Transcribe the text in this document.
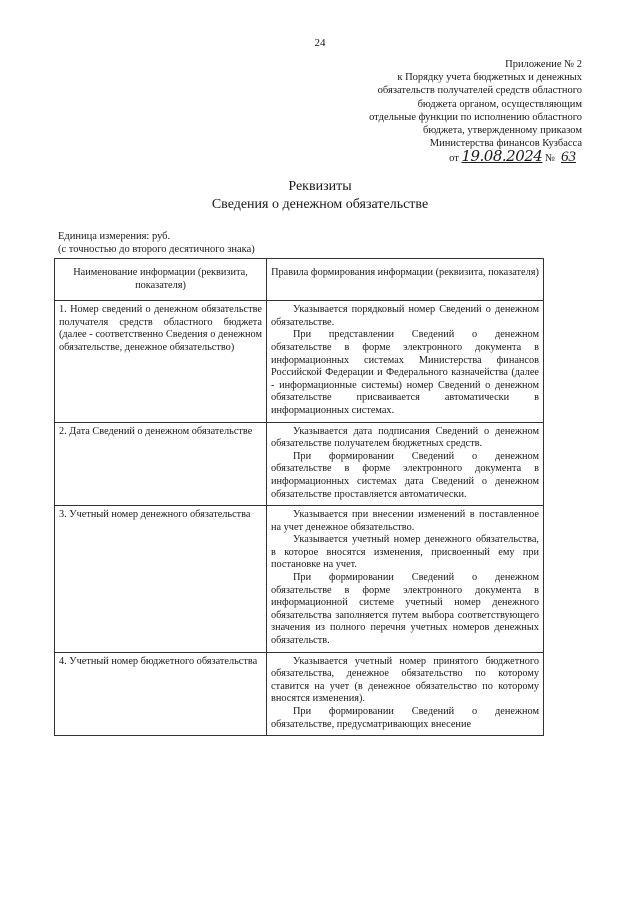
24
Приложение № 2
к Порядку учета бюджетных и денежных
обязательств получателей средств областного
бюджета органом, осуществляющим
отдельные функции по исполнению областного
бюджета, утвержденному приказом
Министерства финансов Кузбасса
от 19.08.2024 № 63
Реквизиты
Сведения о денежном обязательстве
Единица измерения: руб.
(с точностью до второго десятичного знака)
Наименование информации (реквизита, показателя)	Правила формирования информации (реквизита, показателя)
1. Номер сведений о денежном обязательстве получателя средств областного бюджета (далее - соответственно Сведения о денежном обязательстве, денежное обязательство)	Указывается порядковый номер Сведений о денежном обязательстве.

При представлении Сведений о денежном обязательстве в форме электронного документа в информационных системах Министерства финансов Российской Федерации и Федерального казначейства (далее - информационные системы) номер Сведений о денежном обязательстве присваивается автоматически в информационных системах.

2. Дата Сведений о денежном обязательстве	Указывается дата подписания Сведений о денежном обязательстве получателем бюджетных средств.

При формировании Сведений о денежном обязательстве в форме электронного документа в информационных системах дата Сведений о денежном обязательстве проставляется автоматически.

3. Учетный номер денежного обязательства	Указывается при внесении изменений в поставленное на учет денежное обязательство.

Указывается учетный номер денежного обязательства, в которое вносятся изменения, присвоенный ему при постановке на учет.

При формировании Сведений о денежном обязательстве в форме электронного документа в информационной системе учетный номер денежного обязательства заполняется путем выбора соответствующего значения из полного перечня учетных номеров денежных обязательств.

4. Учетный номер бюджетного обязательства	Указывается учетный номер принятого бюджетного обязательства, денежное обязательство по которому ставится на учет (в денежное обязательство по которому вносятся изменения).

При формировании Сведений о денежном обязательстве, предусматривающих внесение
